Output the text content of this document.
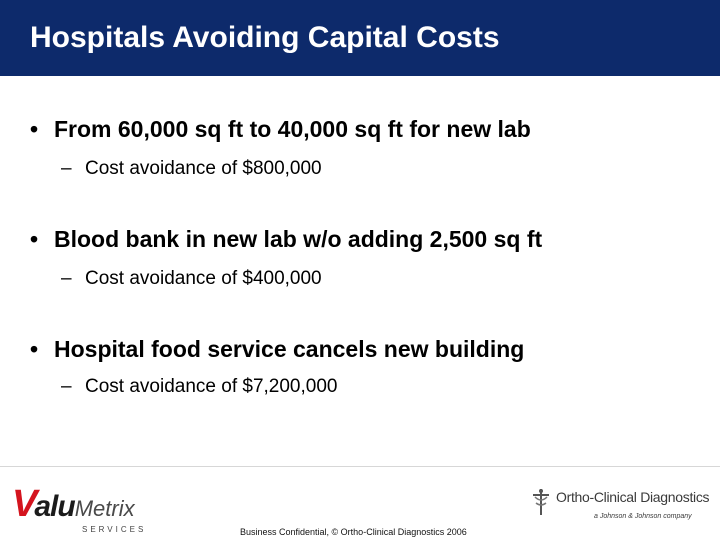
Hospitals Avoiding Capital Costs
• From 60,000 sq ft to 40,000 sq ft for new lab
– Cost avoidance of $800,000
• Blood bank in new lab w/o adding 2,500 sq ft
– Cost avoidance of $400,000
• Hospital food service cancels new building
– Cost avoidance of $7,200,000
ValuMetrix
SERVICES	Business Confidential, © Ortho-Clinical Diagnostics 2006
Ortho-Clinical Diagnostics
a Johnson & Johnson company
